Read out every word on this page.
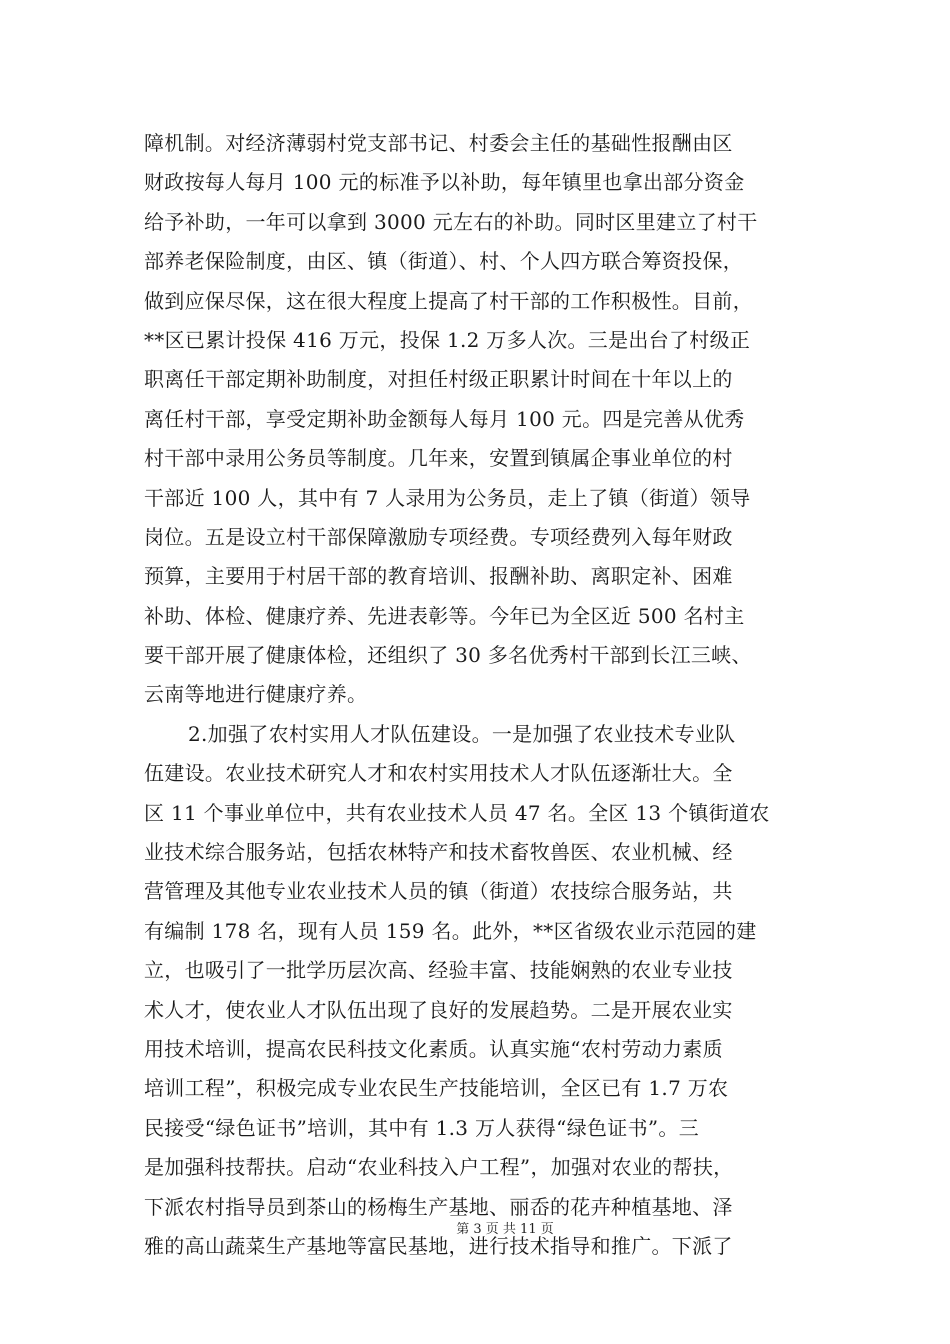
障机制。对经济薄弱村党支部书记、村委会主任的基础性报酬由区
财政按每人每月 100 元的标准予以补助，每年镇里也拿出部分资金
给予补助，一年可以拿到 3000 元左右的补助。同时区里建立了村干
部养老保险制度，由区、镇（街道）、村、个人四方联合筹资投保，
做到应保尽保，这在很大程度上提高了村干部的工作积极性。目前，
**区已累计投保 416 万元，投保 1.2 万多人次。三是出台了村级正
职离任干部定期补助制度，对担任村级正职累计时间在十年以上的
离任村干部，享受定期补助金额每人每月 100 元。四是完善从优秀
村干部中录用公务员等制度。几年来，安置到镇属企事业单位的村
干部近 100 人，其中有 7 人录用为公务员，走上了镇（街道）领导
岗位。五是设立村干部保障激励专项经费。专项经费列入每年财政
预算，主要用于村居干部的教育培训、报酬补助、离职定补、困难
补助、体检、健康疗养、先进表彰等。今年已为全区近 500 名村主
要干部开展了健康体检，还组织了 30 多名优秀村干部到长江三峡、
云南等地进行健康疗养。
2.加强了农村实用人才队伍建设。一是加强了农业技术专业队
伍建设。农业技术研究人才和农村实用技术人才队伍逐渐壮大。全
区 11 个事业单位中，共有农业技术人员 47 名。全区 13 个镇街道农
业技术综合服务站，包括农林特产和技术畜牧兽医、农业机械、经
营管理及其他专业农业技术人员的镇（街道）农技综合服务站，共
有编制 178 名，现有人员 159 名。此外，**区省级农业示范园的建
立，也吸引了一批学历层次高、经验丰富、技能娴熟的农业专业技
术人才，使农业人才队伍出现了良好的发展趋势。二是开展农业实
用技术培训，提高农民科技文化素质。认真实施“农村劳动力素质
培训工程”，积极完成专业农民生产技能培训，全区已有 1.7 万农
民接受“绿色证书”培训，其中有 1.3 万人获得“绿色证书”。三
是加强科技帮扶。启动“农业科技入户工程”，加强对农业的帮扶，
下派农村指导员到茶山的杨梅生产基地、丽岙的花卉种植基地、泽
雅的高山蔬菜生产基地等富民基地，进行技术指导和推广。下派了
第 3 页 共 11 页
